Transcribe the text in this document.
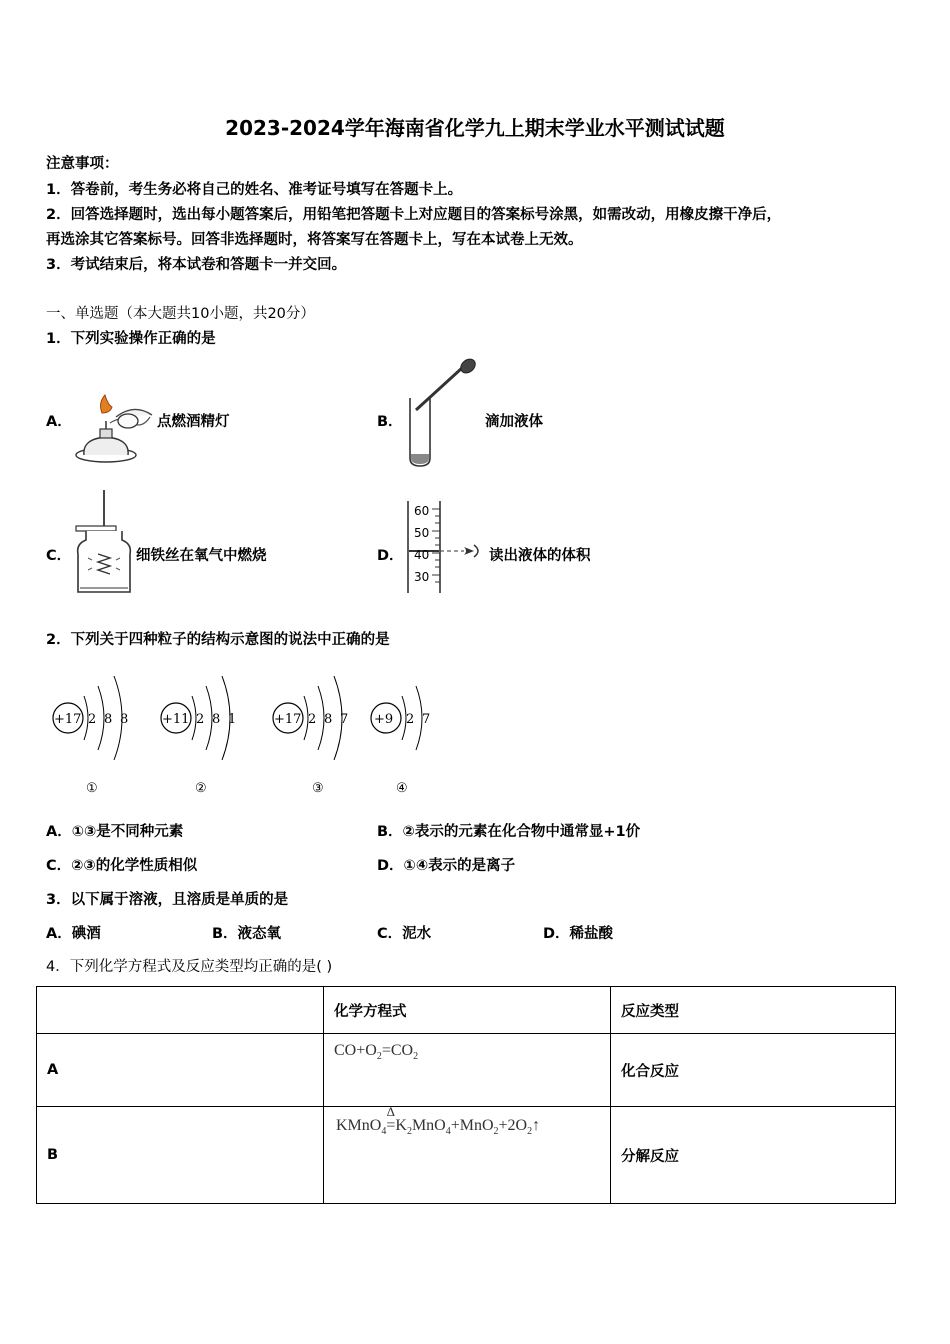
2023-2024学年海南省化学九上期末学业水平测试试题
注意事项：
1．答卷前，考生务必将自己的姓名、准考证号填写在答题卡上。
2．回答选择题时，选出每小题答案后，用铅笔把答题卡上对应题目的答案标号涂黑，如需改动，用橡皮擦干净后，
再选涂其它答案标号。回答非选择题时，将答案写在答题卡上，写在本试卷上无效。
3．考试结束后，将本试卷和答题卡一并交回。
一、单选题（本大题共10小题，共20分）
1．下列实验操作正确的是
A．	点燃酒精灯	B．	滴加液体
C．	细铁丝在氧气中燃烧	D．
60
50
40
30
读出液体的体积
2．下列关于四种粒子的结构示意图的说法中正确的是
+17 2 8 8
①
+11 2 8 1
②
+17 2 8 7
③
+9 2 7
④
A．①③是不同种元素	B．②表示的元素在化合物中通常显+1价
C．②③的化学性质相似	D．①④表示的是离子
3．以下属于溶液，且溶质是单质的是
A．碘酒	B．液态氧	C．泥水	D．稀盐酸
4．下列化学方程式及反应类型均正确的是( )
	化学方程式	反应类型
A	$CO+O_2=CO_2$	化合反应
B	KMnO$_4$
Δ
$=K_2MnO_4+MnO_2+2O_2↑$	分解反应
